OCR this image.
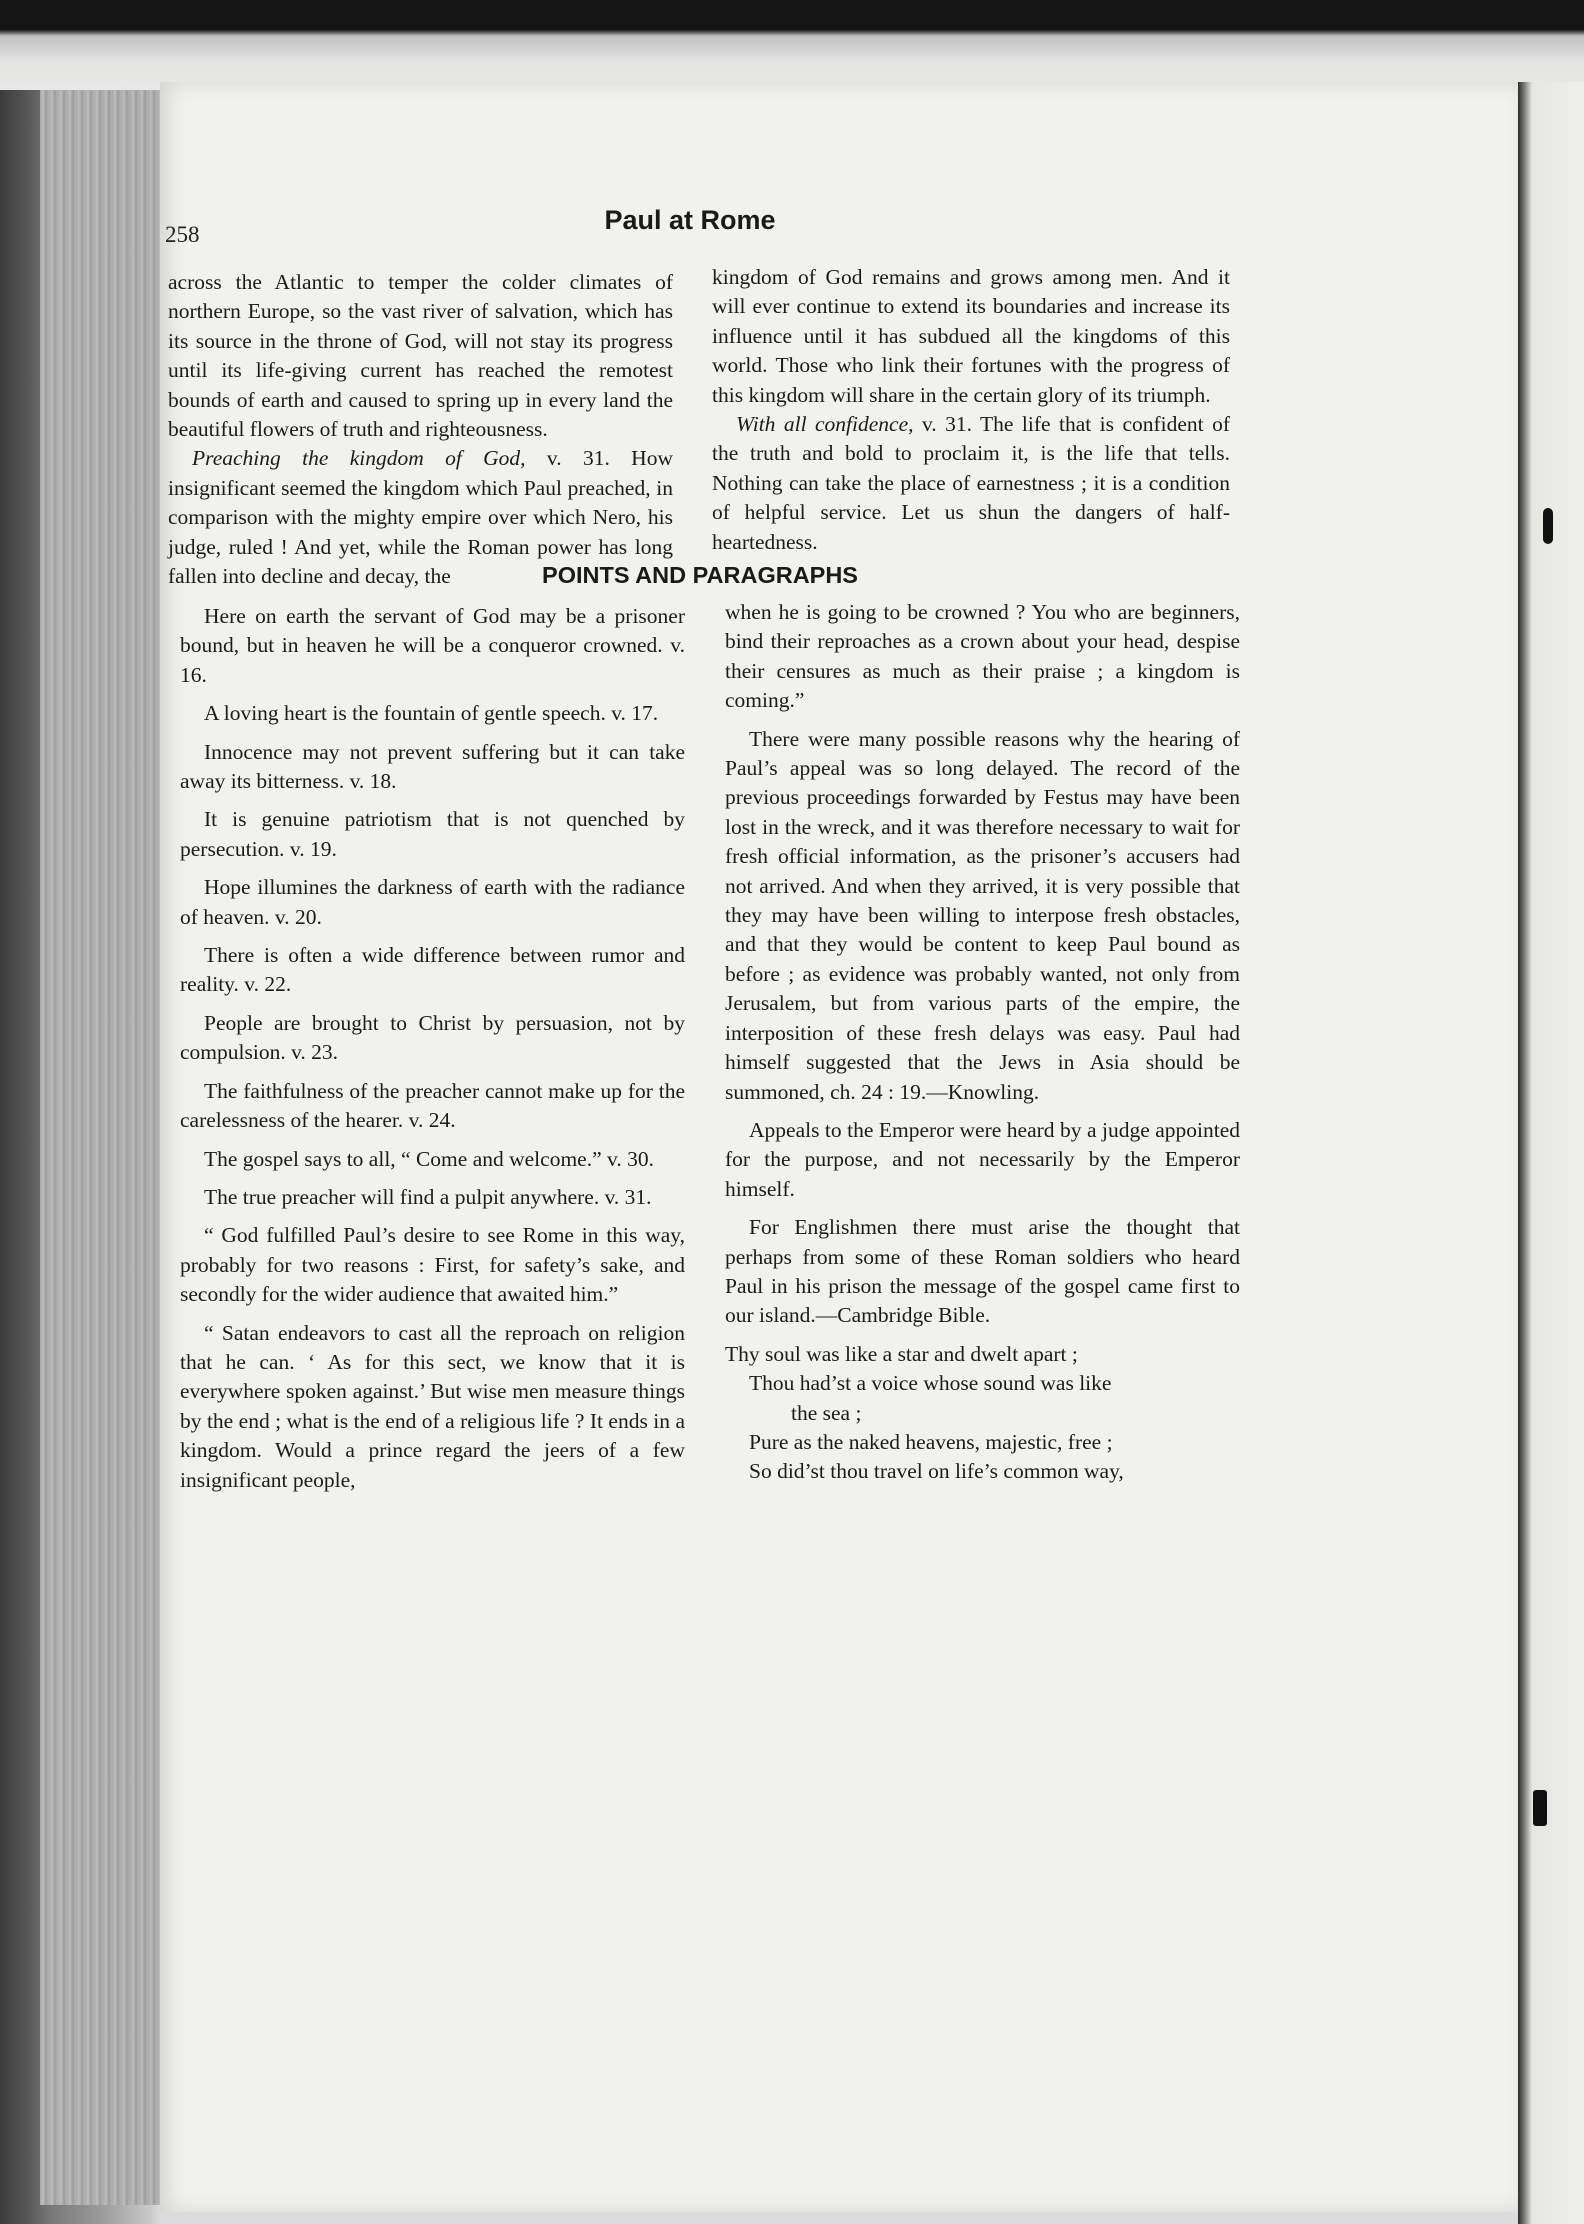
258	Paul at Rome

across the Atlantic to temper the colder climates of northern Europe, so the vast river of salvation, which has its source in the throne of God, will not stay its progress until its life-giving current has reached the remotest bounds of earth and caused to spring up in every land the beautiful flowers of truth and righteousness.

Preaching the kingdom of God, v. 31. How insignificant seemed the kingdom which Paul preached, in comparison with the mighty empire over which Nero, his judge, ruled ! And yet, while the Roman power has long fallen into decline and decay, the

kingdom of God remains and grows among men. And it will ever continue to extend its boundaries and increase its influence until it has subdued all the kingdoms of this world. Those who link their fortunes with the progress of this kingdom will share in the certain glory of its triumph.

With all confidence, v. 31. The life that is confident of the truth and bold to proclaim it, is the life that tells. Nothing can take the place of earnestness ; it is a condition of helpful service. Let us shun the dangers of half-heartedness.

POINTS AND PARAGRAPHS

Here on earth the servant of God may be a prisoner bound, but in heaven he will be a conqueror crowned. v. 16.

A loving heart is the fountain of gentle speech. v. 17.

Innocence may not prevent suffering but it can take away its bitterness. v. 18.

It is genuine patriotism that is not quenched by persecution. v. 19.

Hope illumines the darkness of earth with the radiance of heaven. v. 20.

There is often a wide difference between rumor and reality. v. 22.

People are brought to Christ by persuasion, not by compulsion. v. 23.

The faithfulness of the preacher cannot make up for the carelessness of the hearer. v. 24.

The gospel says to all, “ Come and welcome.” v. 30.

The true preacher will find a pulpit anywhere. v. 31.

“ God fulfilled Paul’s desire to see Rome in this way, probably for two reasons : First, for safety’s sake, and secondly for the wider audience that awaited him.”

“ Satan endeavors to cast all the reproach on religion that he can. ‘ As for this sect, we know that it is everywhere spoken against.’ But wise men measure things by the end ; what is the end of a religious life ? It ends in a kingdom. Would a prince regard the jeers of a few insignificant people,

when he is going to be crowned ? You who are beginners, bind their reproaches as a crown about your head, despise their censures as much as their praise ; a kingdom is coming.”

There were many possible reasons why the hearing of Paul’s appeal was so long delayed. The record of the previous proceedings forwarded by Festus may have been lost in the wreck, and it was therefore necessary to wait for fresh official information, as the prisoner’s accusers had not arrived. And when they arrived, it is very possible that they may have been willing to interpose fresh obstacles, and that they would be content to keep Paul bound as before ; as evidence was probably wanted, not only from Jerusalem, but from various parts of the empire, the interposition of these fresh delays was easy. Paul had himself suggested that the Jews in Asia should be summoned, ch. 24 : 19.—Knowling.

Appeals to the Emperor were heard by a judge appointed for the purpose, and not necessarily by the Emperor himself.

For Englishmen there must arise the thought that perhaps from some of these Roman soldiers who heard Paul in his prison the message of the gospel came first to our island.—Cambridge Bible.

Thy soul was like a star and dwelt apart ;
Thou had’st a voice whose sound was like
the sea ;
Pure as the naked heavens, majestic, free ;
So did’st thou travel on life’s common way,
